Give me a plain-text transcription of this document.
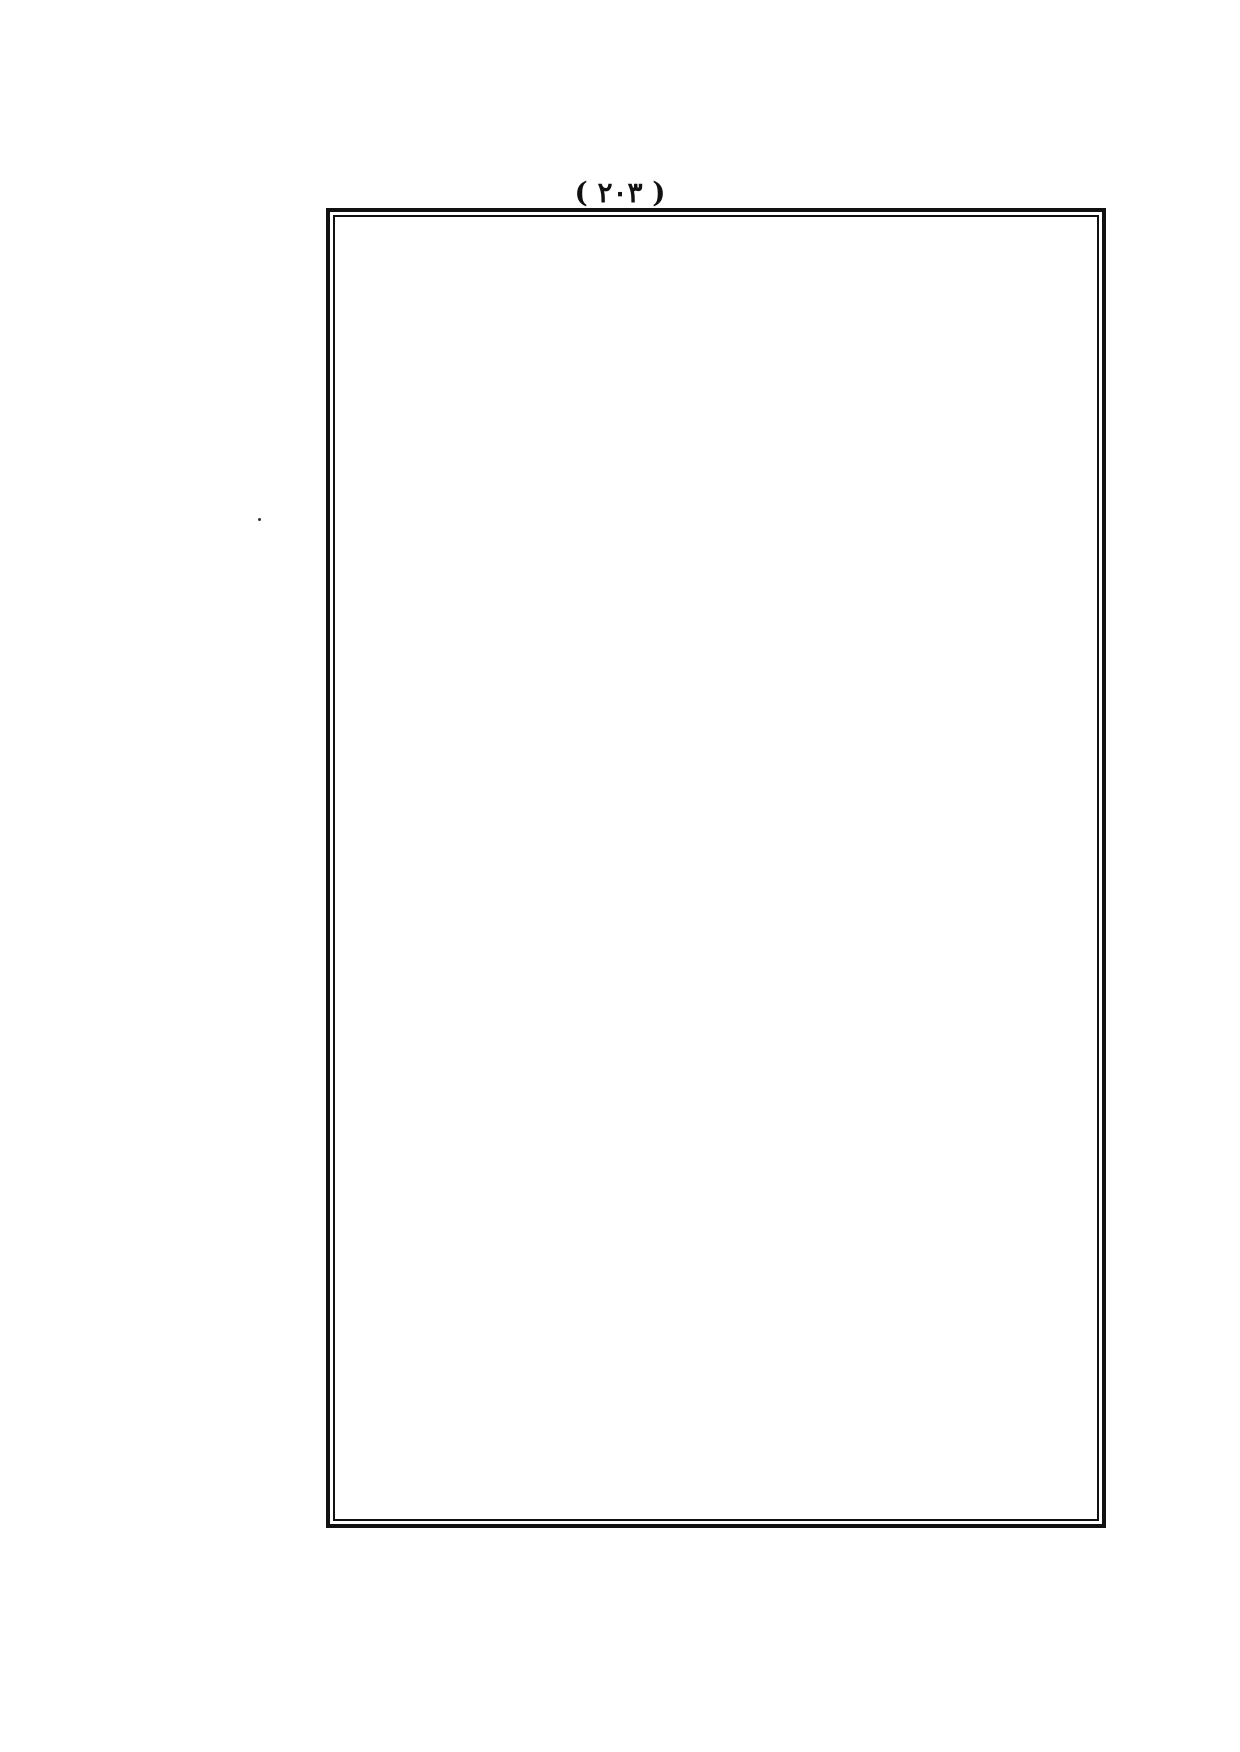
( ٢٠٣ )
